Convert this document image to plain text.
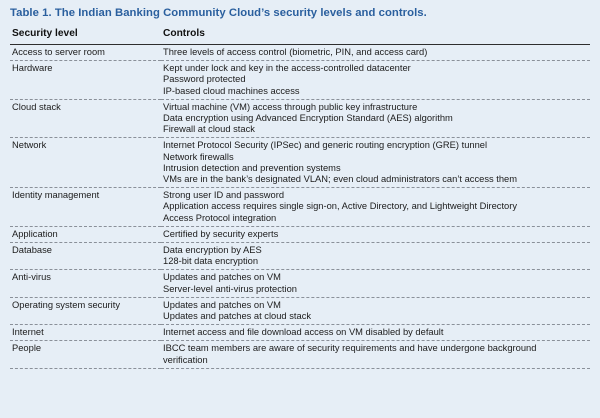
Table 1. The Indian Banking Community Cloud’s security levels and controls.
Security level	Controls
Access to server room	Three levels of access control (biometric, PIN, and access card)

Hardware	Kept under lock and key in the access-controlled datacenter
Password protected
IP-based cloud machines access

Cloud stack	Virtual machine (VM) access through public key infrastructure
Data encryption using Advanced Encryption Standard (AES) algorithm
Firewall at cloud stack

Network	Internet Protocol Security (IPSec) and generic routing encryption (GRE) tunnel
Network firewalls
Intrusion detection and prevention systems
VMs are in the bank’s designated VLAN; even cloud administrators can’t access them

Identity management	Strong user ID and password
Application access requires single sign-on, Active Directory, and Lightweight Directory
Access Protocol integration

Application	Certified by security experts

Database	Data encryption by AES
128-bit data encryption

Anti-virus	Updates and patches on VM
Server-level anti-virus protection

Operating system security	Updates and patches on VM
Updates and patches at cloud stack

Internet	Internet access and file download access on VM disabled by default

People	IBCC team members are aware of security requirements and have undergone background
verification
